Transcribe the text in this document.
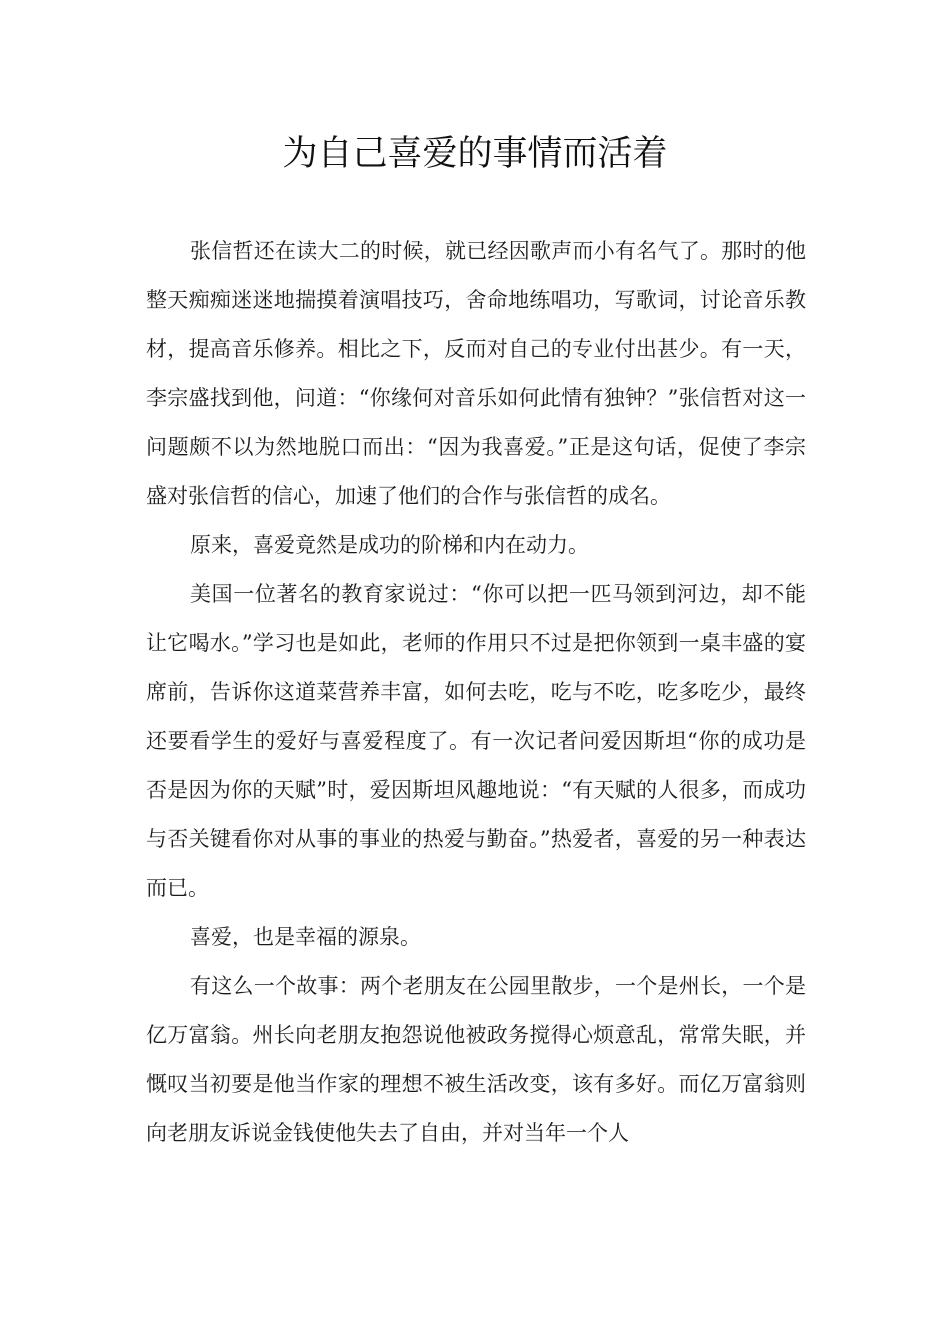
为自己喜爱的事情而活着

张信哲还在读大二的时候，就已经因歌声而小有名气了。那时的他整天痴痴迷迷地揣摸着演唱技巧，舍命地练唱功，写歌词，讨论音乐教材，提高音乐修养。相比之下，反而对自己的专业付出甚少。有一天，李宗盛找到他，问道：“你缘何对音乐如何此情有独钟？”张信哲对这一问题颇不以为然地脱口而出：“因为我喜爱。”正是这句话，促使了李宗盛对张信哲的信心，加速了他们的合作与张信哲的成名。

原来，喜爱竟然是成功的阶梯和内在动力。

美国一位著名的教育家说过：“你可以把一匹马领到河边，却不能让它喝水。”学习也是如此，老师的作用只不过是把你领到一桌丰盛的宴席前，告诉你这道菜营养丰富，如何去吃，吃与不吃，吃多吃少，最终还要看学生的爱好与喜爱程度了。有一次记者问爱因斯坦“你的成功是否是因为你的天赋”时，爱因斯坦风趣地说：“有天赋的人很多，而成功与否关键看你对从事的事业的热爱与勤奋。”热爱者，喜爱的另一种表达而已。

喜爱，也是幸福的源泉。

有这么一个故事：两个老朋友在公园里散步，一个是州长，一个是亿万富翁。州长向老朋友抱怨说他被政务搅得心烦意乱，常常失眠，并慨叹当初要是他当作家的理想不被生活改变，该有多好。而亿万富翁则向老朋友诉说金钱使他失去了自由，并对当年一个人
